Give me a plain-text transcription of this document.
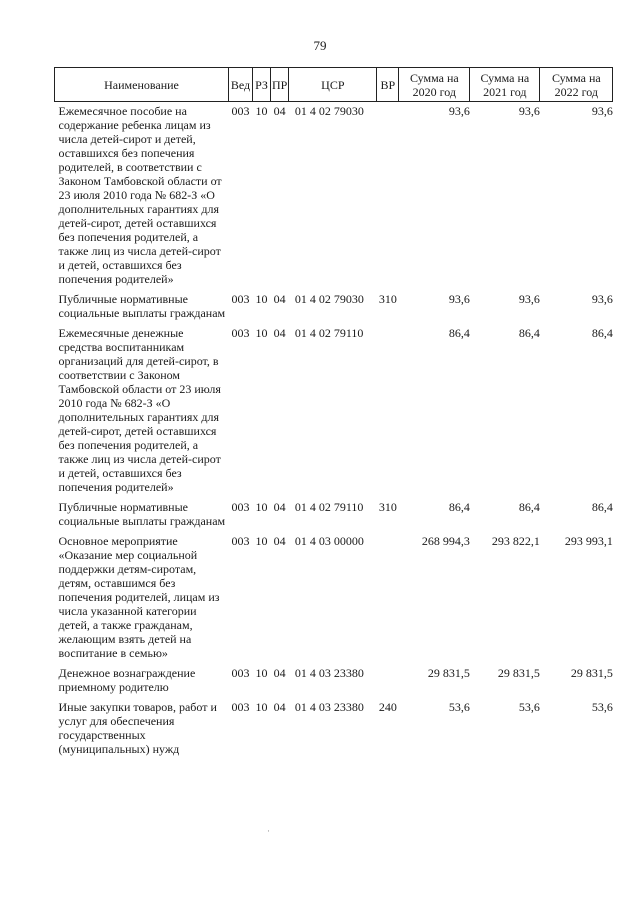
79
Наименование	Вед	РЗ	ПР	ЦСР	ВР	Сумма на 2020 год	Сумма на 2021 год	Сумма на 2022 год
Ежемесячное пособие на содержание ребенка лицам из числа детей-сирот и детей, оставшихся без попечения родителей, в соответствии с Законом Тамбовской области от 23 июля 2010 года № 682-З «О дополнительных гарантиях для детей-сирот, детей оставшихся без попечения родителей, а также лиц из числа детей-сирот и детей, оставшихся без попечения родителей»	003	10	04	01 4 02 79030		93,6	93,6	93,6
Публичные нормативные социальные выплаты гражданам	003	10	04	01 4 02 79030	310	93,6	93,6	93,6
Ежемесячные денежные средства воспитанникам организаций для детей-сирот, в соответствии с Законом Тамбовской области от 23 июля 2010 года № 682-З «О дополнительных гарантиях для детей-сирот, детей оставшихся без попечения родителей, а также лиц из числа детей-сирот и детей, оставшихся без попечения родителей»	003	10	04	01 4 02 79110		86,4	86,4	86,4
Публичные нормативные социальные выплаты гражданам	003	10	04	01 4 02 79110	310	86,4	86,4	86,4
Основное мероприятие «Оказание мер социальной поддержки детям-сиротам, детям, оставшимся без попечения родителей, лицам из числа указанной категории детей, а также гражданам, желающим взять детей на воспитание в семью»	003	10	04	01 4 03 00000		268 994,3	293 822,1	293 993,1
Денежное вознаграждение приемному родителю	003	10	04	01 4 03 23380		29 831,5	29 831,5	29 831,5
Иные закупки товаров, работ и услуг для обеспечения государственных (муниципальных) нужд	003	10	04	01 4 03 23380	240	53,6	53,6	53,6
·
